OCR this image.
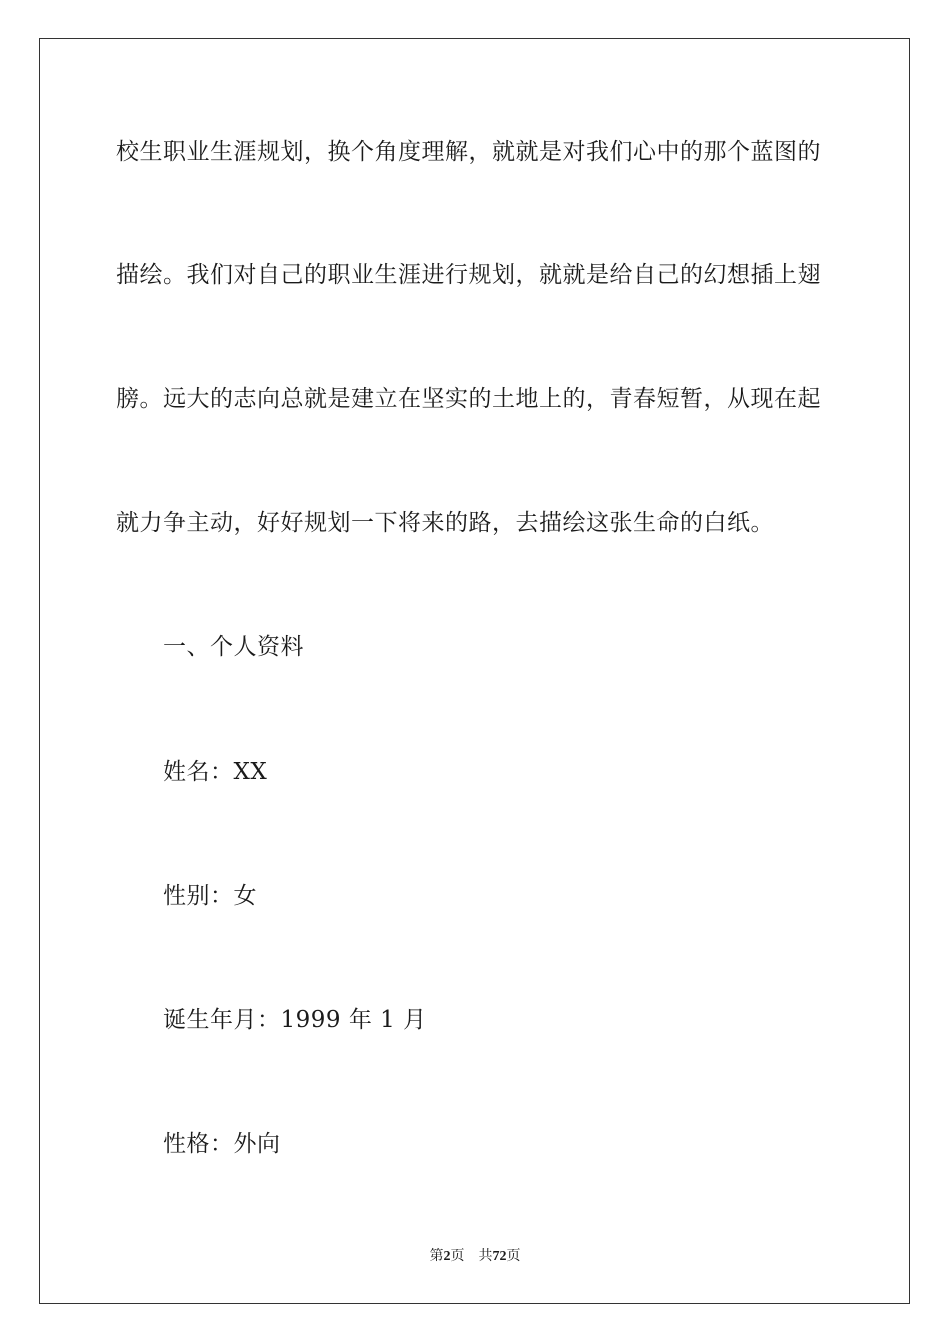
校生职业生涯规划，换个角度理解，就就是对我们心中的那个蓝图的
描绘。我们对自己的职业生涯进行规划，就就是给自己的幻想插上翅
膀。远大的志向总就是建立在坚实的土地上的，青春短暂，从现在起
就力争主动，好好规划一下将来的路，去描绘这张生命的白纸。
一、个人资料
姓名：XX
性别：女
诞生年月：1999 年 1 月
性格：外向
第2页 共72页
